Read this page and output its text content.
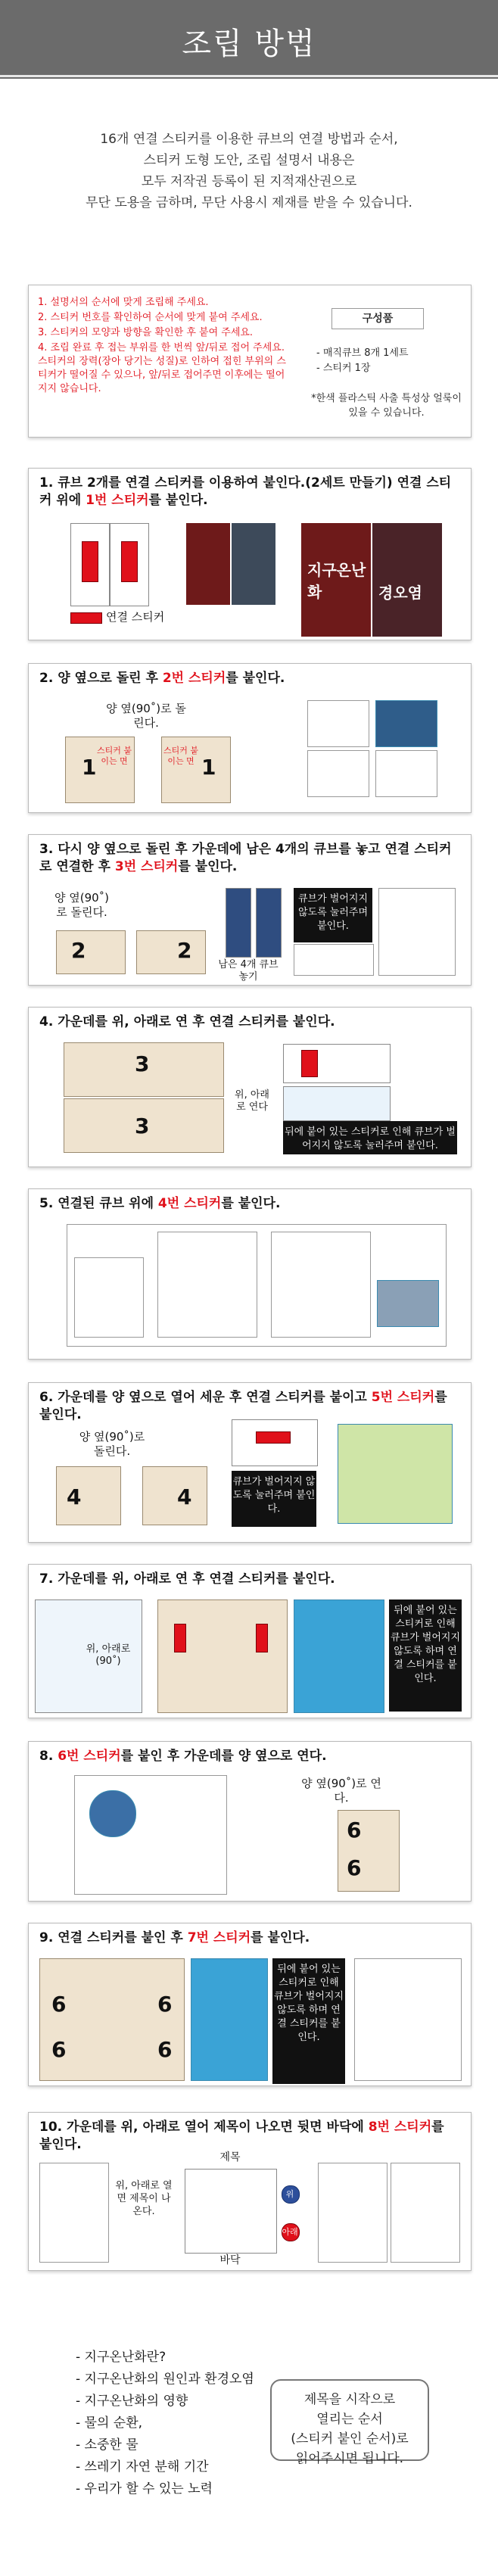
조립 방법
16개 연결 스티커를 이용한 큐브의 연결 방법과 순서,
스티커 도형 도안, 조립 설명서 내용은
모두 저작권 등록이 된 지적재산권으로
무단 도용을 금하며, 무단 사용시 제재를 받을 수 있습니다.
1. 설명서의 순서에 맞게 조립해 주세요.
2. 스티커 번호를 확인하여 순서에 맞게 붙여 주세요.
3. 스티커의 모양과 방향을 확인한 후 붙여 주세요.
4. 조립 완료 후 접는 부위를 한 번씩 앞/뒤로 접어 주세요. 스티커의 장력(장아 당기는 성질)로 인하여 접힌 부위의 스티커가 떨어질 수 있으나, 앞/뒤로 접어주면 이후에는 떨어지지 않습니다.
구성품
- 매직큐브 8개 1세트
- 스티커 1장
*한색 플라스틱 사출 특성상 얼룩이 있을 수 있습니다.
1. 큐브 2개를 연결 스티커를 이용하여 붙인다.(2세트 만들기) 연결 스티커 위에 1번 스티커를 붙인다.
연결 스티커
지구온난화	경오염
2. 양 옆으로 돌린 후 2번 스티커를 붙인다.
양 옆(90˚)로 돌린다.
1	1
스티커 붙이는 면
스티커 붙이는 면
3. 다시 양 옆으로 돌린 후 가운데에 남은 4개의 큐브를 놓고 연결 스티커로 연결한 후 3번 스티커를 붙인다.
양 옆(90˚)로 돌린다.
2	2
남은 4개 큐브 놓기
큐브가 벌어지지 않도록 눌러주며 붙인다.
4. 가운데를 위, 아래로 연 후 연결 스티커를 붙인다.
3
3
위, 아래로 연다
뒤에 붙어 있는 스티커로 인해 큐브가 벌어지지 않도록 눌러주며 붙인다.
5. 연결된 큐브 위에 4번 스티커를 붙인다.
6. 가운데를 양 옆으로 열어 세운 후 연결 스티커를 붙이고 5번 스티커를 붙인다.
양 옆(90˚)로 돌린다.
4	4
큐브가 벌어지지 않도록 눌러주며 붙인다.
7. 가운데를 위, 아래로 연 후 연결 스티커를 붙인다.
위, 아래로 (90˚)
뒤에 붙어 있는 스티커로 인해 큐브가 벌어지지 않도록 하며 연결 스티커를 붙인다.
8. 6번 스티커를 붙인 후 가운데를 양 옆으로 연다.
양 옆(90˚)로 연다.
6
6
9. 연결 스티커를 붙인 후 7번 스티커를 붙인다.
6
6
6
6
뒤에 붙어 있는 스티커로 인해 큐브가 벌어지지 않도록 하며 연결 스티커를 붙인다.
10. 가운데를 위, 아래로 열어 제목이 나오면 뒷면 바닥에 8번 스티커를 붙인다.
위, 아래로 열면 제목이 나온다.
제목
바닥
위
아래
- 지구온난화란?
- 지구온난화의 원인과 환경오염
- 지구온난화의 영향
- 물의 순환,
- 소중한 물
- 쓰레기 자연 분해 기간
- 우리가 할 수 있는 노력
제목을 시작으로
열리는 순서
(스티커 붙인 순서)로
읽어주시면 됩니다.
